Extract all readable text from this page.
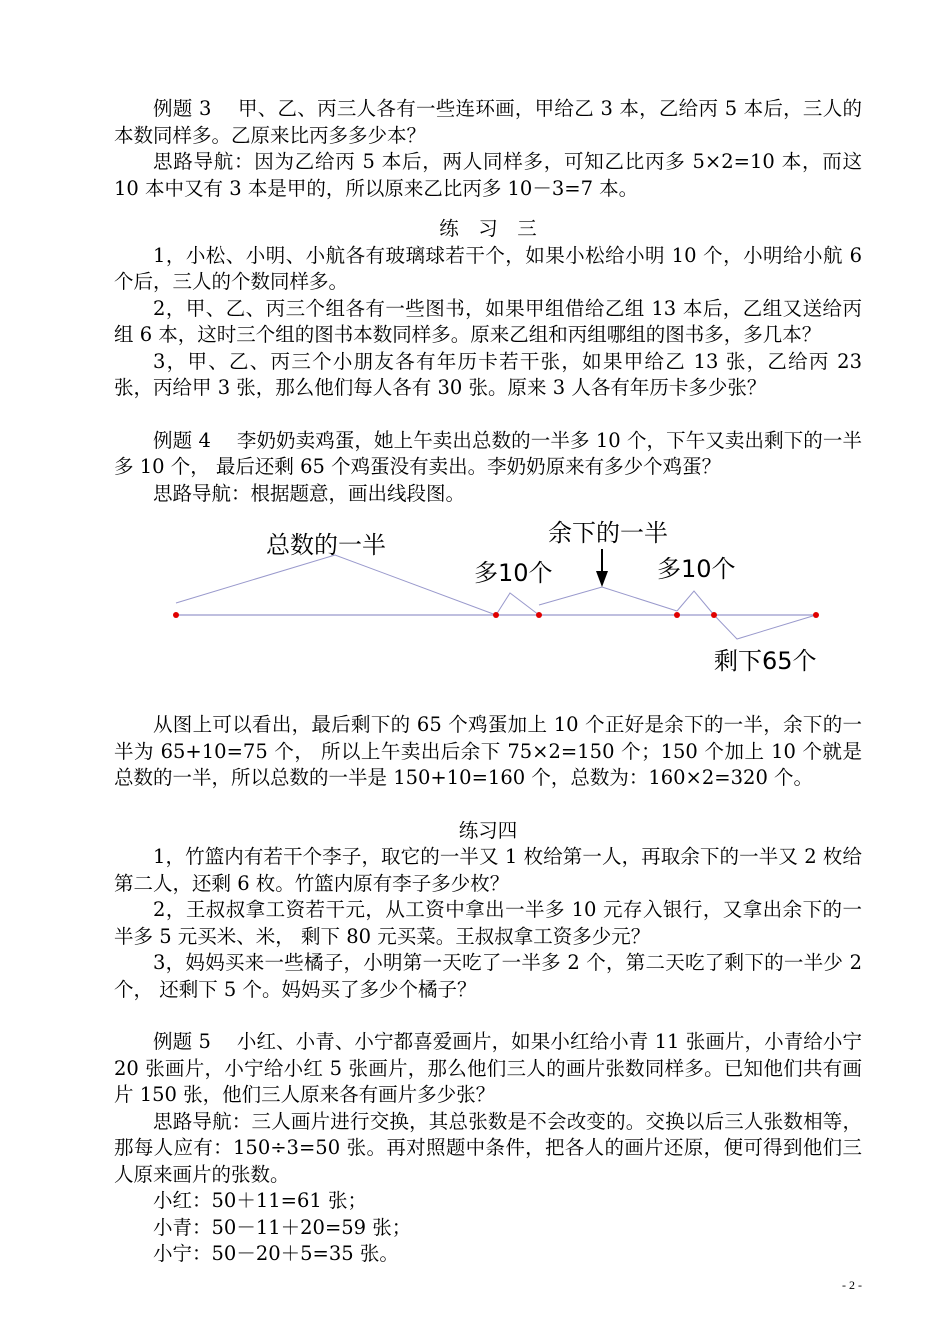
例题 3　 甲、乙、丙三人各有一些连环画，甲给乙 3 本，乙给丙 5 本后，三人的本数同样多。乙原来比丙多多少本？

思路导航：因为乙给丙 5 本后，两人同样多，可知乙比丙多 5×2=10 本，而这 10 本中又有 3 本是甲的，所以原来乙比丙多 10－3=7 本。

练　习　三

1，小松、小明、小航各有玻璃球若干个，如果小松给小明 10 个，小明给小航 6 个后，三人的个数同样多。

2，甲、乙、丙三个组各有一些图书，如果甲组借给乙组 13 本后，乙组又送给丙组 6 本，这时三个组的图书本数同样多。原来乙组和丙组哪组的图书多，多几本？

3，甲、乙、丙三个小朋友各有年历卡若干张，如果甲给乙 13 张，乙给丙 23 张，丙给甲 3 张，那么他们每人各有 30 张。原来 3 人各有年历卡多少张？

例题 4　 李奶奶卖鸡蛋，她上午卖出总数的一半多 10 个，下午又卖出剩下的一半多 10 个， 最后还剩 65 个鸡蛋没有卖出。李奶奶原来有多少个鸡蛋？

思路导航：根据题意，画出线段图。

总数的一半	余下的一半
多10个	多10个
剩下65个

从图上可以看出，最后剩下的 65 个鸡蛋加上 10 个正好是余下的一半，余下的一半为 65+10=75 个， 所以上午卖出后余下 75×2=150 个；150 个加上 10 个就是总数的一半，所以总数的一半是 150+10=160 个，总数为：160×2=320 个。

练习四

1，竹篮内有若干个李子，取它的一半又 1 枚给第一人，再取余下的一半又 2 枚给第二人，还剩 6 枚。竹篮内原有李子多少枚？

2，王叔叔拿工资若干元，从工资中拿出一半多 10 元存入银行，又拿出余下的一半多 5 元买米、米， 剩下 80 元买菜。王叔叔拿工资多少元？

3，妈妈买来一些橘子，小明第一天吃了一半多 2 个，第二天吃了剩下的一半少 2 个， 还剩下 5 个。妈妈买了多少个橘子？

例题 5　 小红、小青、小宁都喜爱画片，如果小红给小青 11 张画片，小青给小宁 20 张画片，小宁给小红 5 张画片，那么他们三人的画片张数同样多。已知他们共有画片 150 张，他们三人原来各有画片多少张？

思路导航：三人画片进行交换，其总张数是不会改变的。交换以后三人张数相等，那每人应有：150÷3=50 张。再对照题中条件，把各人的画片还原，便可得到他们三人原来画片的张数。

小红：50＋11=61 张；

小青：50－11＋20=59 张；

小宁：50－20＋5=35 张。

- 2 -
